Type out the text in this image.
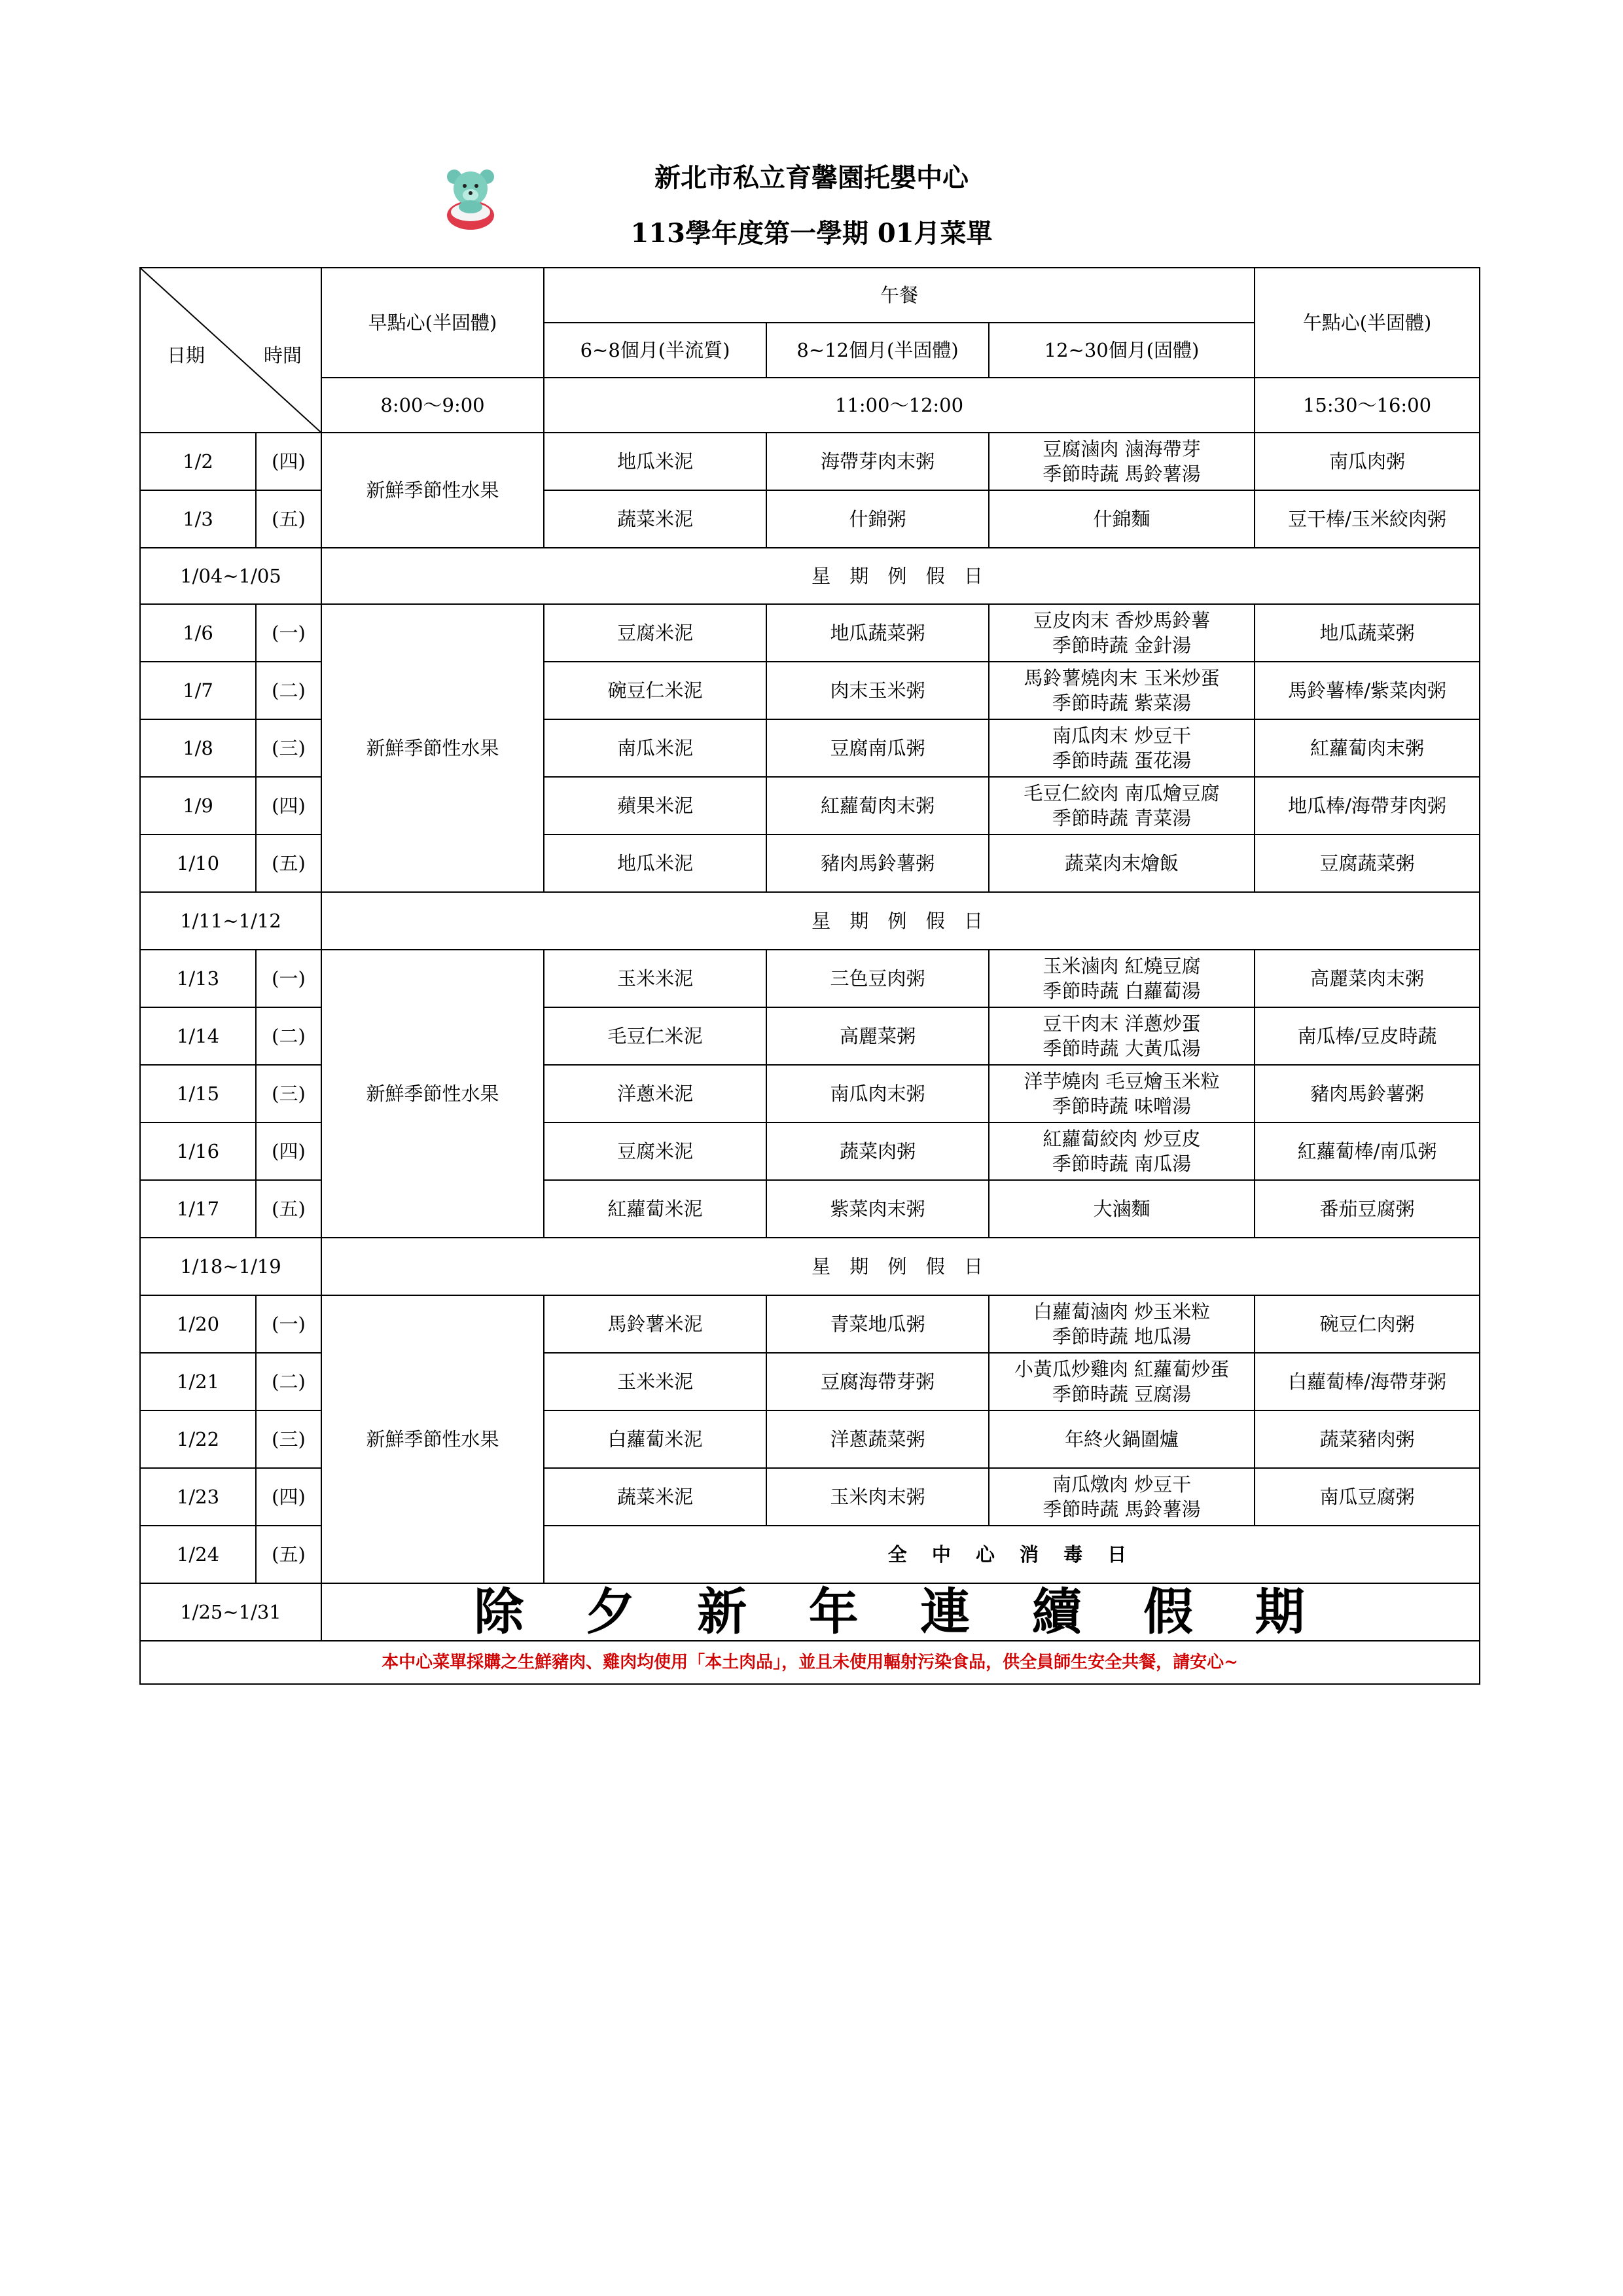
新北市私立育馨園托嬰中心
113學年度第一學期 01月菜單
日期 時間		早點心(半固體)	午餐			午點心(半固體)
			6~8個月(半流質)	8~12個月(半固體)	12~30個月(固體)	
		8:00～9:00	11:00～12:00			15:30～16:00
1/2	(四)	新鮮季節性水果	地瓜米泥	海帶芽肉末粥	豆腐滷肉 滷海帶芽
季節時蔬 馬鈴薯湯	南瓜肉粥
1/3	(五)		蔬菜米泥	什錦粥	什錦麵	豆干棒/玉米絞肉粥
1/04~1/05		星 期 例 假 日				
1/6	(一)	新鮮季節性水果	豆腐米泥	地瓜蔬菜粥	豆皮肉末 香炒馬鈴薯
季節時蔬 金針湯	地瓜蔬菜粥
1/7	(二)		碗豆仁米泥	肉末玉米粥	馬鈴薯燒肉末 玉米炒蛋
季節時蔬 紫菜湯	馬鈴薯棒/紫菜肉粥
1/8	(三)		南瓜米泥	豆腐南瓜粥	南瓜肉末 炒豆干
季節時蔬 蛋花湯	紅蘿蔔肉末粥
1/9	(四)		蘋果米泥	紅蘿蔔肉末粥	毛豆仁絞肉 南瓜燴豆腐
季節時蔬 青菜湯	地瓜棒/海帶芽肉粥
1/10	(五)		地瓜米泥	豬肉馬鈴薯粥	蔬菜肉末燴飯	豆腐蔬菜粥
1/11~1/12		星 期 例 假 日				
1/13	(一)	新鮮季節性水果	玉米米泥	三色豆肉粥	玉米滷肉 紅燒豆腐
季節時蔬 白蘿蔔湯	高麗菜肉末粥
1/14	(二)		毛豆仁米泥	高麗菜粥	豆干肉末 洋蔥炒蛋
季節時蔬 大黃瓜湯	南瓜棒/豆皮時蔬
1/15	(三)		洋蔥米泥	南瓜肉末粥	洋芋燒肉 毛豆燴玉米粒
季節時蔬 味噌湯	豬肉馬鈴薯粥
1/16	(四)		豆腐米泥	蔬菜肉粥	紅蘿蔔絞肉 炒豆皮
季節時蔬 南瓜湯	紅蘿蔔棒/南瓜粥
1/17	(五)		紅蘿蔔米泥	紫菜肉末粥	大滷麵	番茄豆腐粥
1/18~1/19		星 期 例 假 日				
1/20	(一)	新鮮季節性水果	馬鈴薯米泥	青菜地瓜粥	白蘿蔔滷肉 炒玉米粒
季節時蔬 地瓜湯	碗豆仁肉粥
1/21	(二)		玉米米泥	豆腐海帶芽粥	小黃瓜炒雞肉 紅蘿蔔炒蛋
季節時蔬 豆腐湯	白蘿蔔棒/海帶芽粥
1/22	(三)		白蘿蔔米泥	洋蔥蔬菜粥	年終火鍋圍爐	蔬菜豬肉粥
1/23	(四)		蔬菜米泥	玉米肉末粥	南瓜燉肉 炒豆干
季節時蔬 馬鈴薯湯	南瓜豆腐粥
1/24	(五)		全 中 心 消 毒 日			
1/25~1/31		除 夕 新 年 連 續 假 期				
本中心菜單採購之生鮮豬肉、雞肉均使用「本土肉品」，並且未使用輻射污染食品，供全員師生安全共餐，請安心~						
